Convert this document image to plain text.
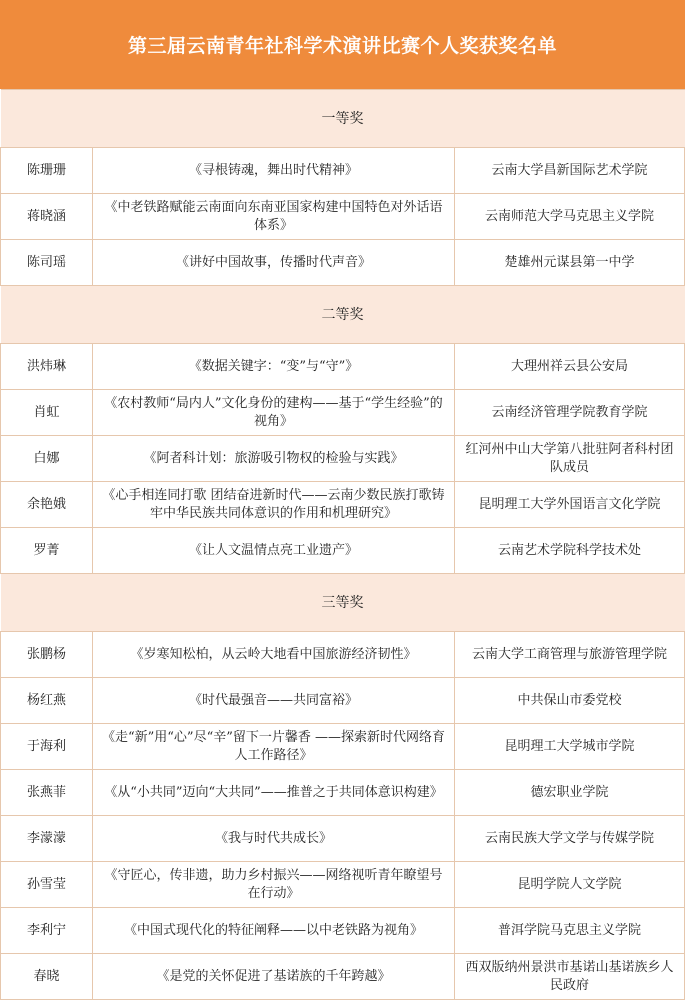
第三届云南青年社科学术演讲比赛个人奖获奖名单
一等奖		
陈珊珊	《寻根铸魂，舞出时代精神》	云南大学昌新国际艺术学院
蒋晓涵	《中老铁路赋能云南面向东南亚国家构建中国特色对外话语体系》	云南师范大学马克思主义学院
陈司瑶	《讲好中国故事，传播时代声音》	楚雄州元谋县第一中学
二等奖		
洪炜琳	《数据关键字：“变”与“守”》	大理州祥云县公安局
肖虹	《农村教师“局内人”文化身份的建构——基于“学生经验”的视角》	云南经济管理学院教育学院
白娜	《阿者科计划：旅游吸引物权的检验与实践》	红河州中山大学第八批驻阿者科村团队成员
余艳娥	《心手相连同打歌 团结奋进新时代——云南少数民族打歌铸牢中华民族共同体意识的作用和机理研究》	昆明理工大学外国语言文化学院
罗菁	《让人文温情点亮工业遗产》	云南艺术学院科学技术处
三等奖		
张鹏杨	《岁寒知松柏，从云岭大地看中国旅游经济韧性》	云南大学工商管理与旅游管理学院
杨红燕	《时代最强音——共同富裕》	中共保山市委党校
于海利	《走“新”用“心”尽“辛”留下一片馨香 ——探索新时代网络育人工作路径》	昆明理工大学城市学院
张燕菲	《从“小共同”迈向“大共同”——推普之于共同体意识构建》	德宏职业学院
李濛濛	《我与时代共成长》	云南民族大学文学与传媒学院
孙雪莹	《守匠心，传非遗，助力乡村振兴——网络视听青年瞭望号在行动》	昆明学院人文学院
李利宁	《中国式现代化的特征阐释——以中老铁路为视角》	普洱学院马克思主义学院
春晓	《是党的关怀促进了基诺族的千年跨越》	西双版纳州景洪市基诺山基诺族乡人民政府
